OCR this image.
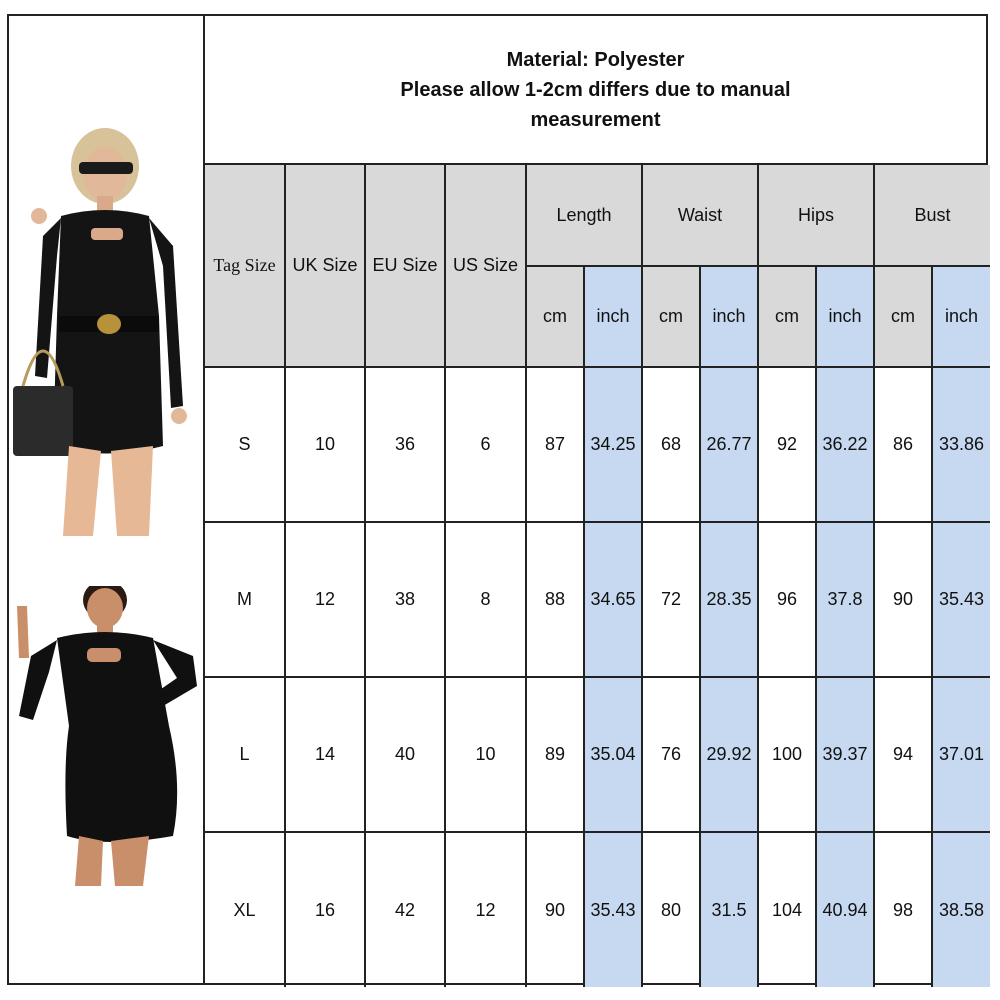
Material: Polyester
Please allow 1-2cm differs due to manual
measurement
Tag Size	UK Size	EU Size	US Size	Length		Waist		Hips		Bust	
				cm	inch	cm	inch	cm	inch	cm	inch
S	10	36	6	87	34.25	68	26.77	92	36.22	86	33.86
M	12	38	8	88	34.65	72	28.35	96	37.8	90	35.43
L	14	40	10	89	35.04	76	29.92	100	39.37	94	37.01
XL	16	42	12	90	35.43	80	31.5	104	40.94	98	38.58
